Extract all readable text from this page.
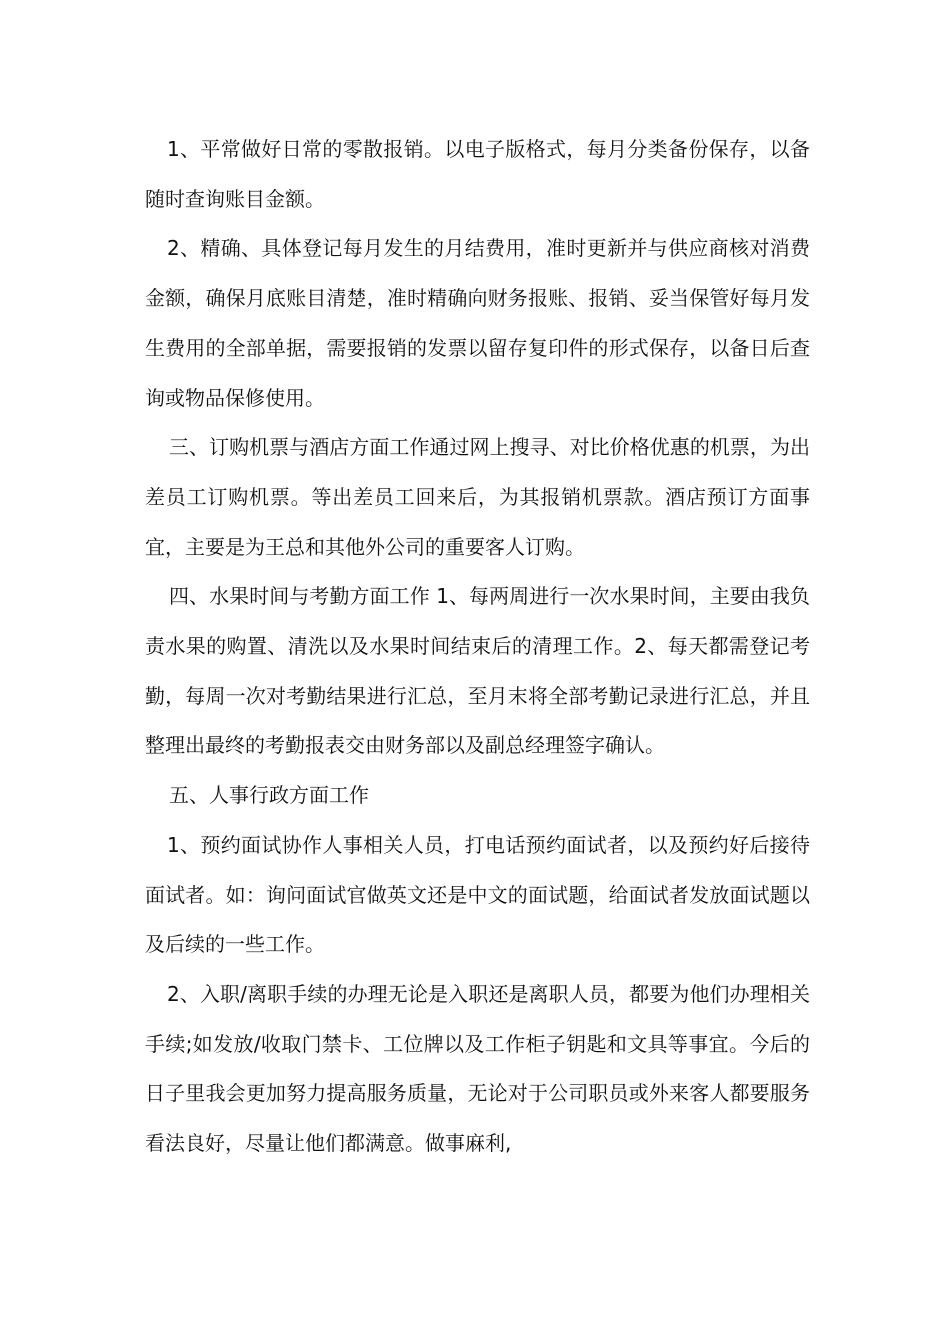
1、平常做好日常的零散报销。以电子版格式，每月分类备份保存，以备随时查询账目金额。

2、精确、具体登记每月发生的月结费用，准时更新并与供应商核对消费金额，确保月底账目清楚，准时精确向财务报账、报销、妥当保管好每月发生费用的全部单据，需要报销的发票以留存复印件的形式保存，以备日后查询或物品保修使用。

三、订购机票与酒店方面工作通过网上搜寻、对比价格优惠的机票，为出差员工订购机票。等出差员工回来后，为其报销机票款。酒店预订方面事宜，主要是为王总和其他外公司的重要客人订购。

四、水果时间与考勤方面工作 1、每两周进行一次水果时间，主要由我负责水果的购置、清洗以及水果时间结束后的清理工作。2、每天都需登记考勤，每周一次对考勤结果进行汇总，至月末将全部考勤记录进行汇总，并且整理出最终的考勤报表交由财务部以及副总经理签字确认。

五、人事行政方面工作

1、预约面试协作人事相关人员，打电话预约面试者，以及预约好后接待面试者。如：询问面试官做英文还是中文的面试题，给面试者发放面试题以及后续的一些工作。

2、入职/离职手续的办理无论是入职还是离职人员，都要为他们办理相关手续;如发放/收取门禁卡、工位牌以及工作柜子钥匙和文具等事宜。今后的日子里我会更加努力提高服务质量，无论对于公司职员或外来客人都要服务看法良好，尽量让他们都满意。做事麻利,
